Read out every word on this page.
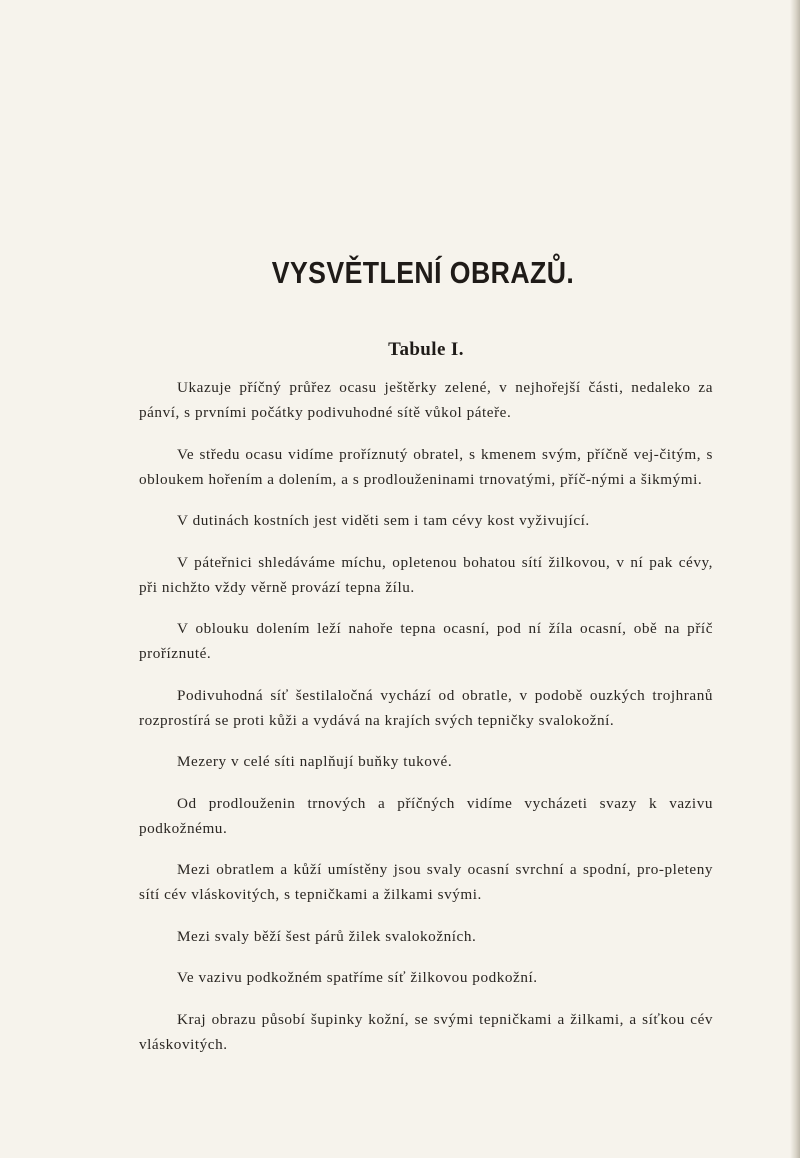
VYSVĚTLENÍ OBRAZŮ.
Tabule I.

Ukazuje příčný průřez ocasu ještěrky zelené, v nejhořejší části, nedaleko za pánví, s prvními počátky podivuhodné sítě vůkol páteře.

Ve středu ocasu vidíme proříznutý obratel, s kmenem svým, příčně vej-čitým, s obloukem hořením a dolením, a s prodlouženinami trnovatými, příč-nými a šikmými.

V dutinách kostních jest viděti sem i tam cévy kost vyživující.

V páteřnici shledáváme míchu, opletenou bohatou sítí žilkovou, v ní pak cévy, při nichžto vždy věrně provází tepna žílu.

V oblouku dolením leží nahoře tepna ocasní, pod ní žíla ocasní, obě na příč proříznuté.

Podivuhodná síť šestilaločná vychází od obratle, v podobě ouzkých trojhranů rozprostírá se proti kůži a vydává na krajích svých tepničky svalokožní.

Mezery v celé síti naplňují buňky tukové.

Od prodlouženin trnových a příčných vidíme vycházeti svazy k vazivu podkožnému.

Mezi obratlem a kůží umístěny jsou svaly ocasní svrchní a spodní, pro-pleteny sítí cév vláskovitých, s tepničkami a žilkami svými.

Mezi svaly běží šest párů žilek svalokožních.

Ve vazivu podkožném spatříme síť žilkovou podkožní.

Kraj obrazu působí šupinky kožní, se svými tepničkami a žilkami, a síťkou cév vláskovitých.
